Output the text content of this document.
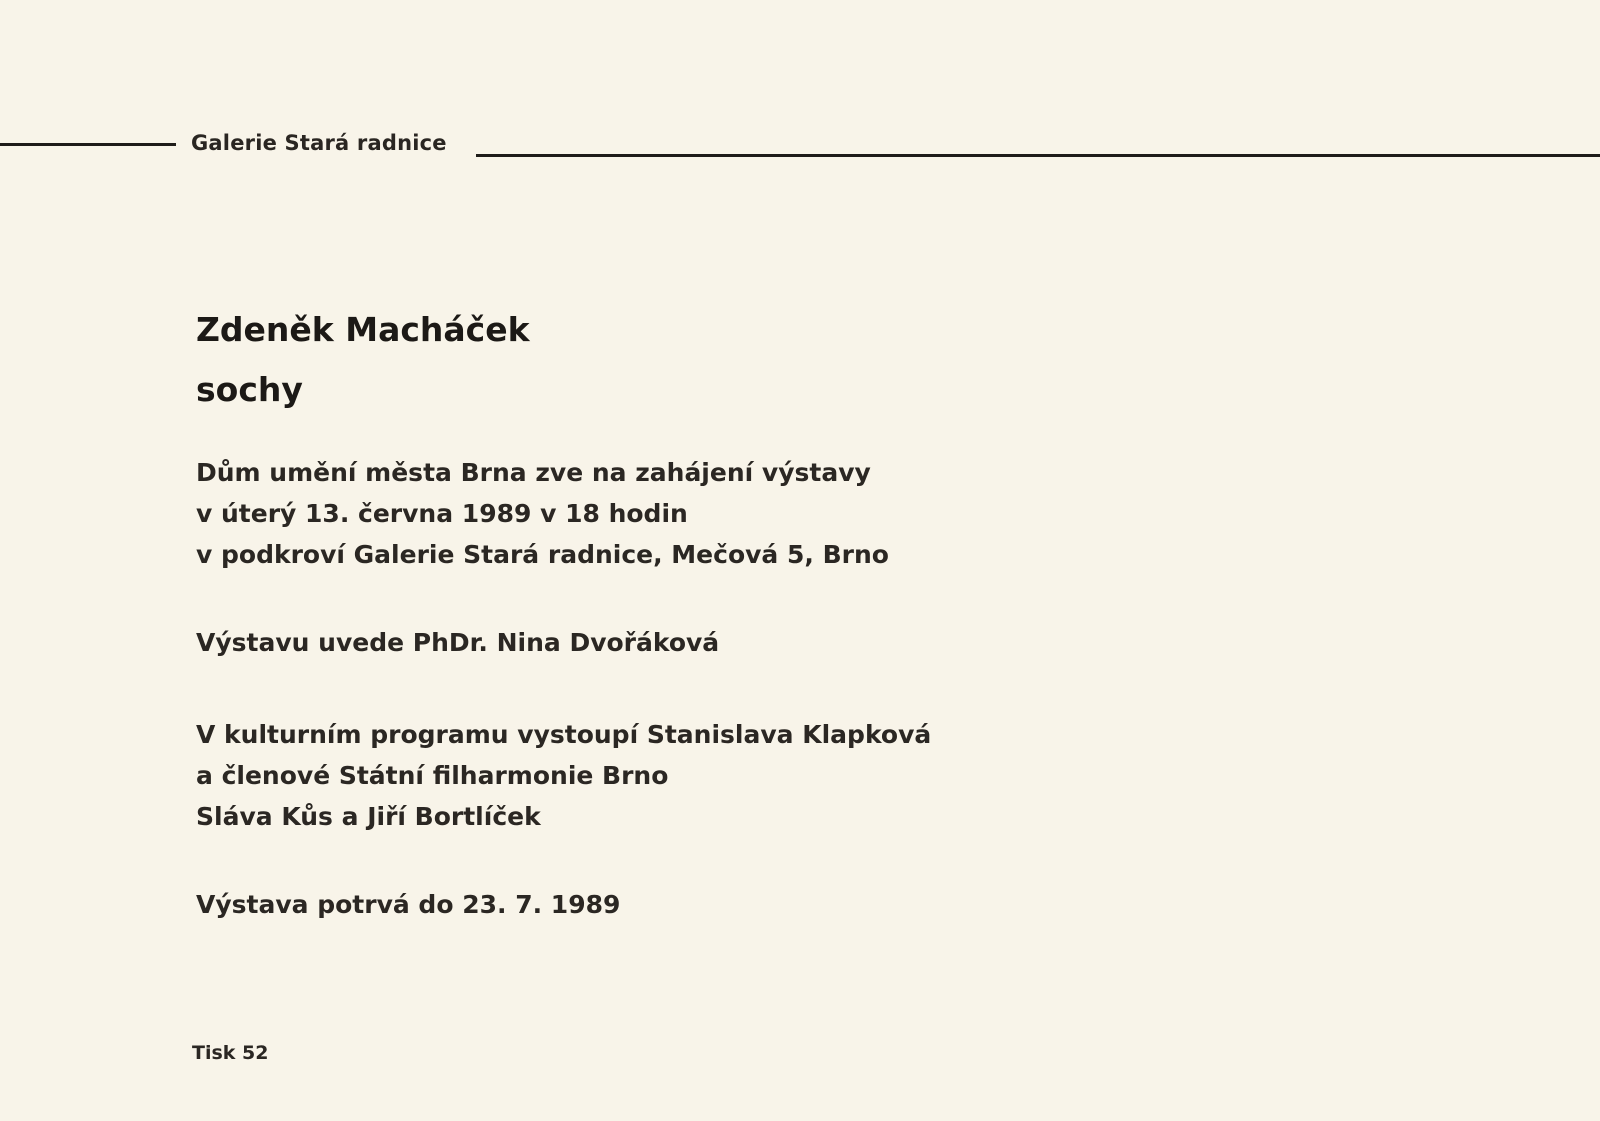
Galerie Stará radnice
Zdeněk Macháček
sochy
Dům umění města Brna zve na zahájení výstavy
v úterý 13. června 1989 v 18 hodin
v podkroví Galerie Stará radnice, Mečová 5, Brno
Výstavu uvede PhDr. Nina Dvořáková
V kulturním programu vystoupí Stanislava Klapková
a členové Státní filharmonie Brno
Sláva Kůs a Jiří Bortlíček
Výstava potrvá do 23. 7. 1989
Tisk 52
